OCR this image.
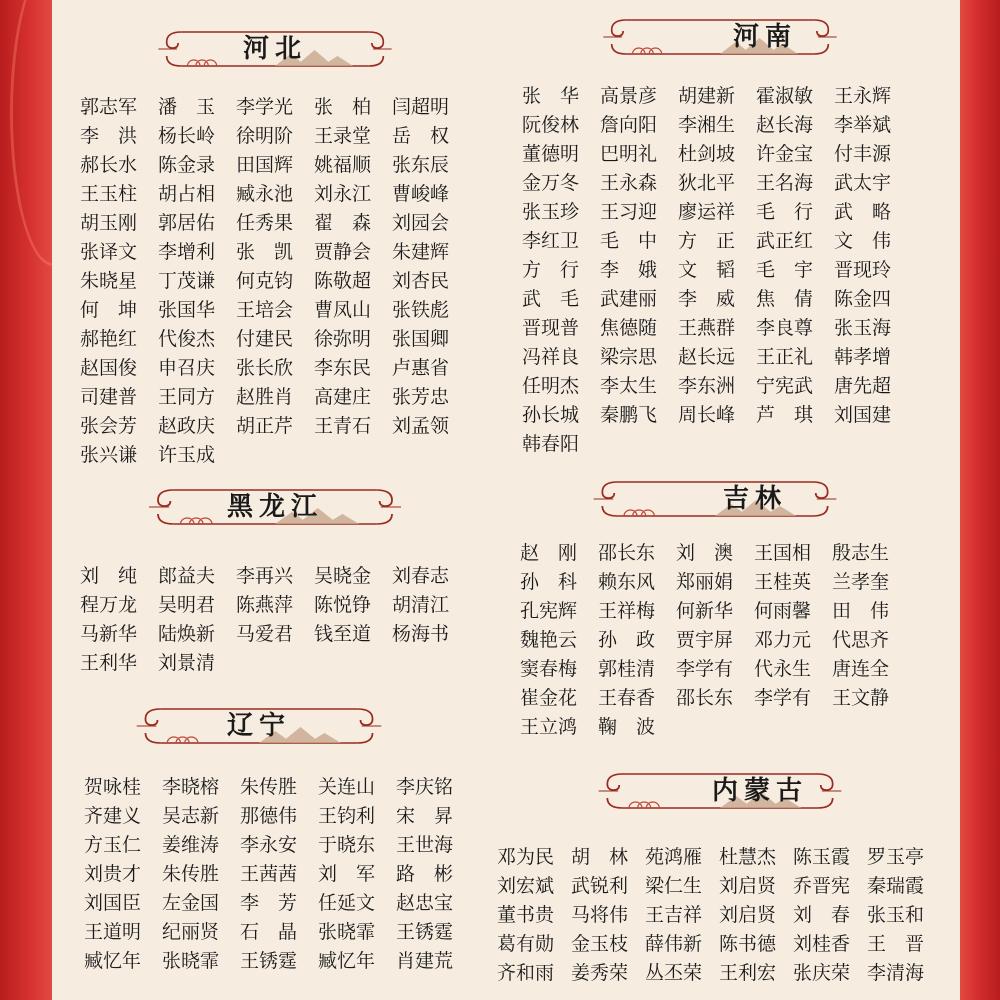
河北
黑龙江
辽宁
河南
吉林
内蒙古
郭志军	潘　玉	李学光	张　柏	闫超明
李　洪	杨长岭	徐明阶	王录堂	岳　权
郝长水	陈金录	田国辉	姚福顺	张东辰
王玉柱	胡占相	臧永池	刘永江	曹峻峰
胡玉刚	郭居佑	任秀果	翟　森	刘园会
张译文	李增利	张　凯	贾静会	朱建辉
朱晓星	丁茂谦	何克钧	陈敬超	刘杏民
何　坤	张国华	王培会	曹凤山	张铁彪
郝艳红	代俊杰	付建民	徐弥明	张国卿
赵国俊	申召庆	张长欣	李东民	卢惠省
司建普	王同方	赵胜肖	高建庄	张芳忠
张会芳	赵政庆	胡正芹	王青石	刘孟领
张兴谦	许玉成
刘　纯	郎益夫	李再兴	吴晓金	刘春志
程万龙	吴明君	陈燕萍	陈悦铮	胡清江
马新华	陆焕新	马爱君	钱至道	杨海书
王利华	刘景清
贺咏桂	李晓榕	朱传胜	关连山	李庆铭
齐建义	吴志新	那德伟	王钧利	宋　昇
方玉仁	姜维涛	李永安	于晓东	王世海
刘贵才	朱传胜	王茜茜	刘　军	路　彬
刘国臣	左金国	李　芳	任延文	赵忠宝
王道明	纪丽贤	石　晶	张晓霏	王锈霆
臧忆年	张晓霏	王锈霆	臧忆年	肖建荒
张　华	高景彦	胡建新	霍淑敏	王永辉
阮俊林	詹向阳	李湘生	赵长海	李举斌
董德明	巴明礼	杜剑坡	许金宝	付丰源
金万冬	王永森	狄北平	王名海	武太宇
张玉珍	王习迎	廖运祥	毛　行	武　略
李红卫	毛　中	方　正	武正红	文　伟
方　行	李　娥	文　韬	毛　宇	晋现玲
武　毛	武建丽	李　威	焦　倩	陈金四
晋现普	焦德随	王燕群	李良尊	张玉海
冯祥良	梁宗思	赵长远	王正礼	韩孝增
任明杰	李太生	李东洲	宁宪武	唐先超
孙长城	秦鹏飞	周长峰	芦　琪	刘国建
韩春阳
赵　刚	邵长东	刘　澳	王国相	殷志生
孙　科	赖东风	郑丽娟	王桂英	兰孝奎
孔宪辉	王祥梅	何新华	何雨馨	田　伟
魏艳云	孙　政	贾宇屏	邓力元	代思齐
窦春梅	郭桂清	李学有	代永生	唐连全
崔金花	王春香	邵长东	李学有	王文静
王立鸿	鞠　波
邓为民 胡　林 苑鸿雁 杜慧杰 陈玉霞 罗玉亭
刘宏斌 武锐利 梁仁生 刘启贤 乔晋宪 秦瑞霞
董书贵 马将伟 王吉祥 刘启贤 刘　春 张玉和
葛有勋 金玉枝 薛伟新 陈书德 刘桂香 王　晋
齐和雨 姜秀荣 丛丕荣 王利宏 张庆荣 李清海
